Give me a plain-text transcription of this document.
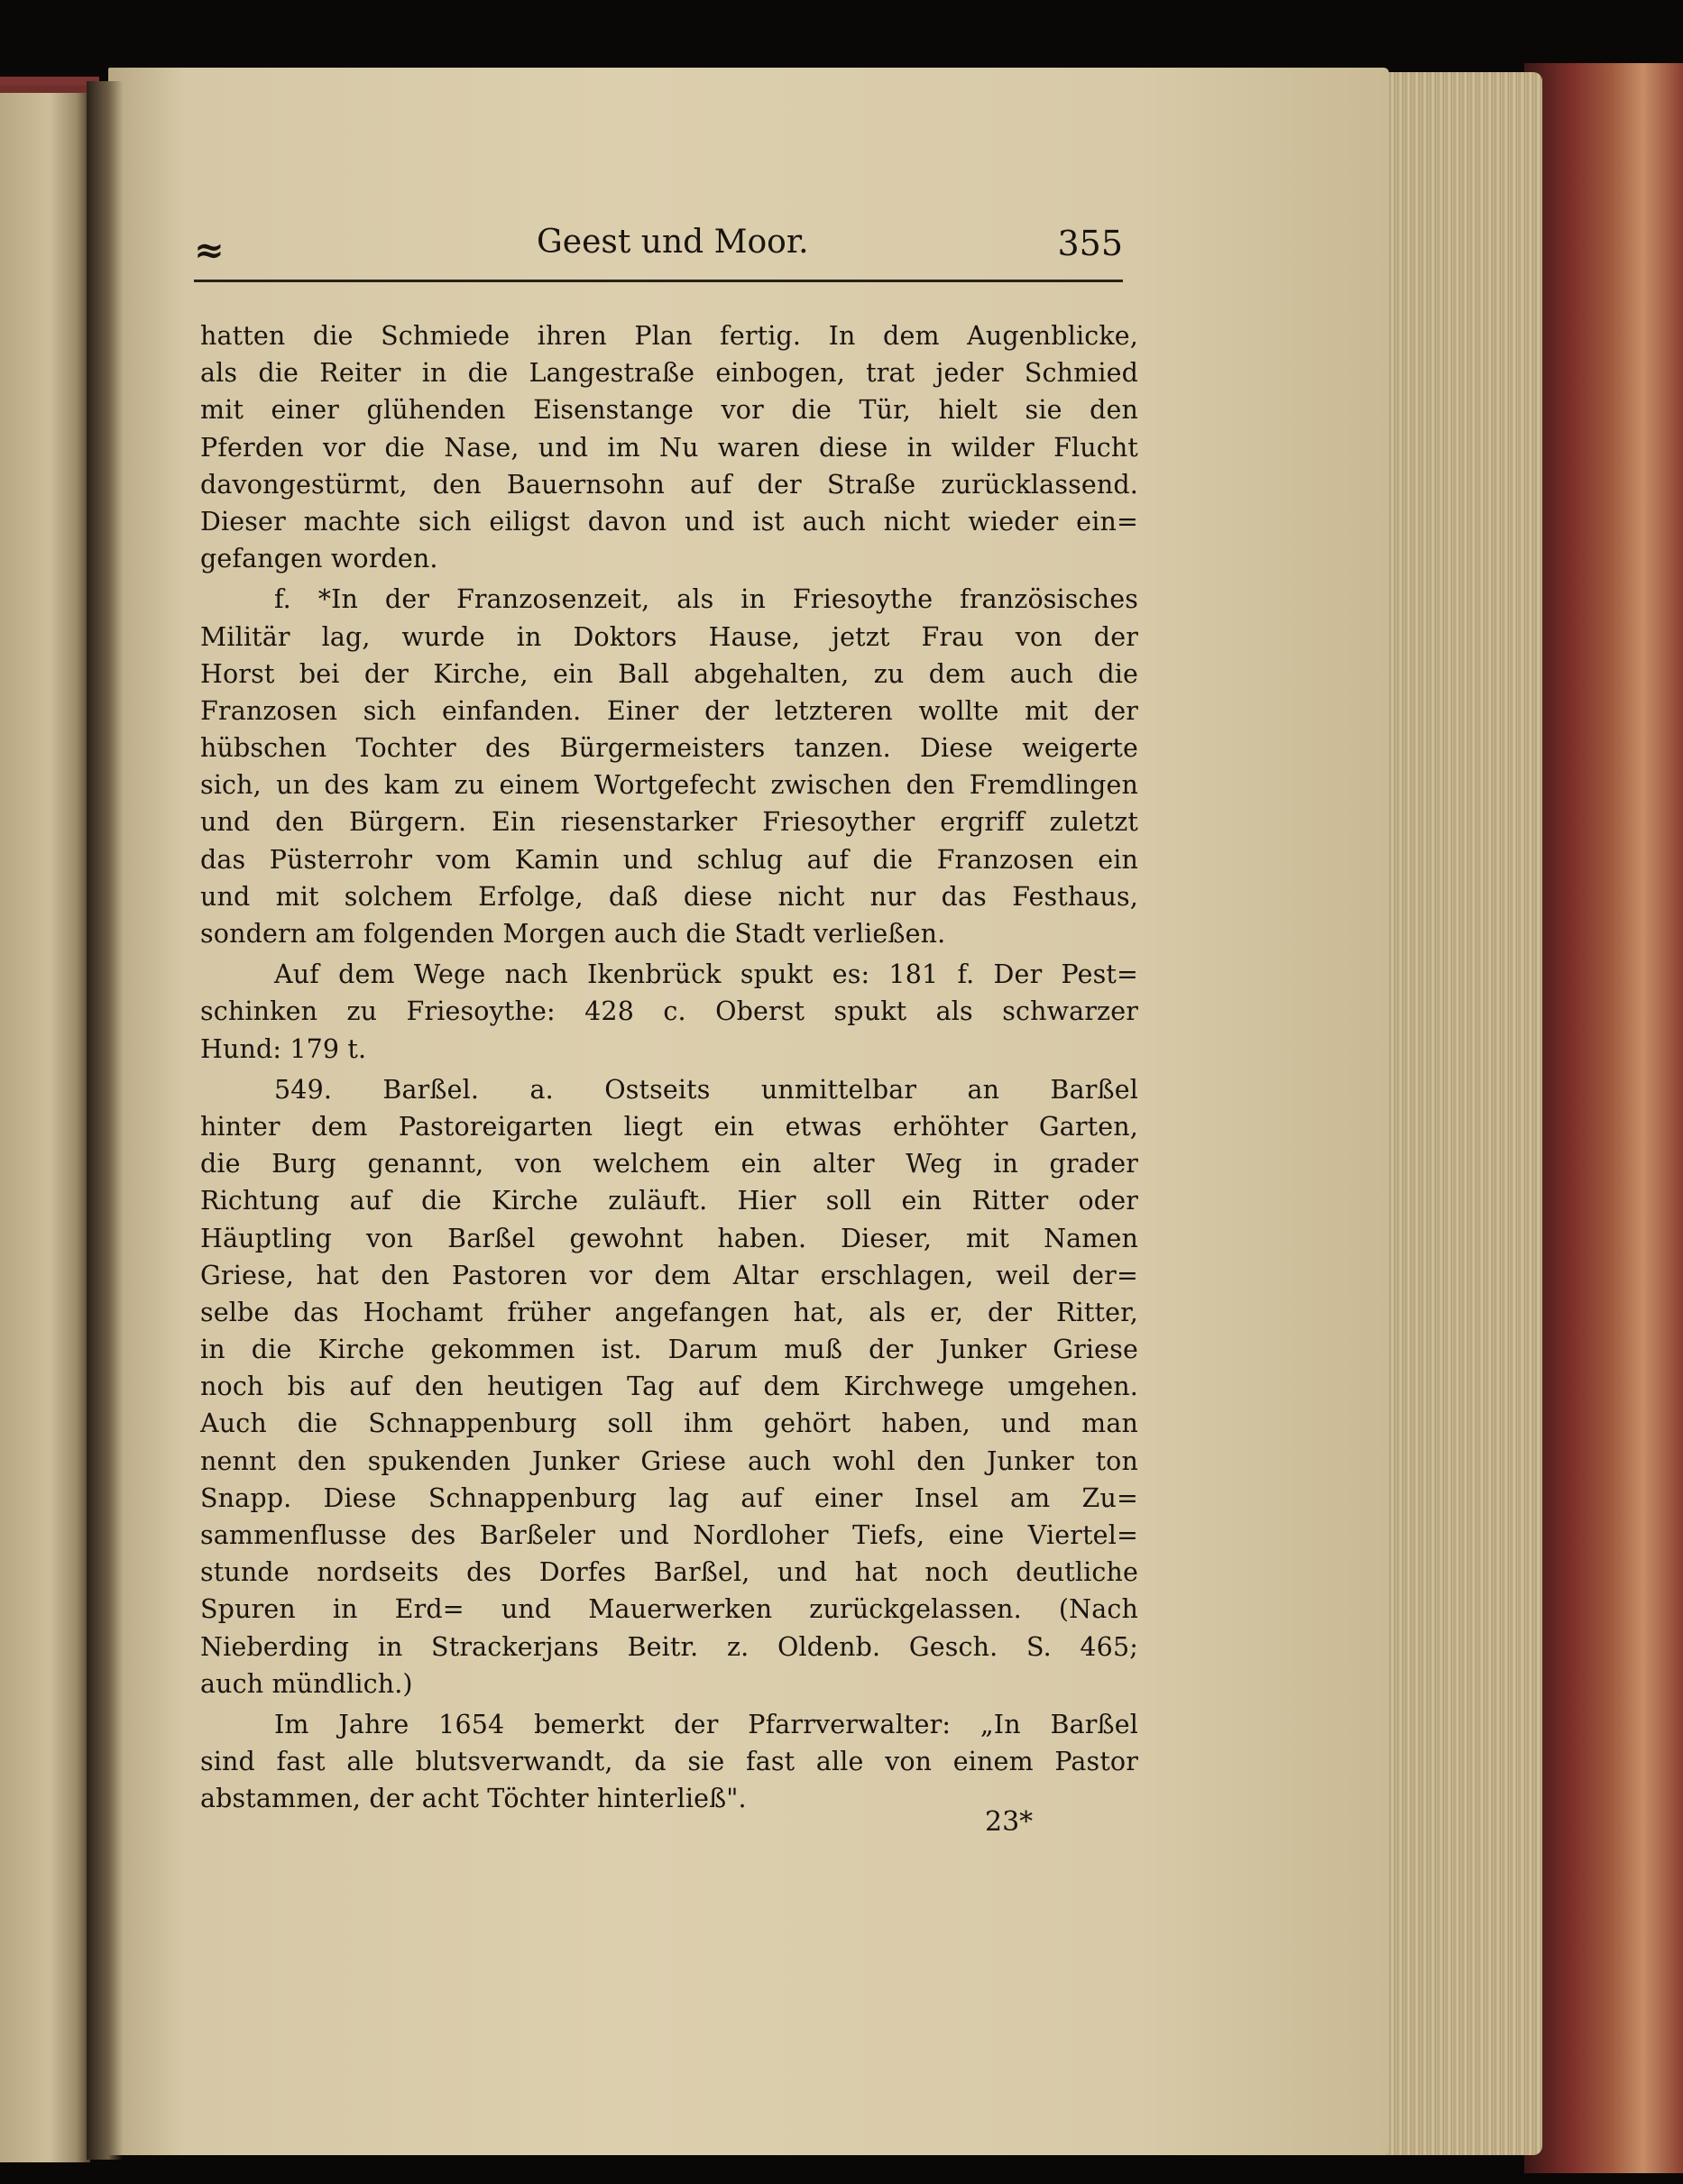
≈	Geest und Moor.	355
hatten die Schmiede ihren Plan fertig. In dem Augenblicke,
als die Reiter in die Langestraße einbogen, trat jeder Schmied
mit einer glühenden Eisenstange vor die Tür, hielt sie den
Pferden vor die Nase, und im Nu waren diese in wilder Flucht
davongestürmt, den Bauernsohn auf der Straße zurücklassend.
Dieser machte sich eiligst davon und ist auch nicht wieder ein=
gefangen worden.
f. *In der Franzosenzeit, als in Friesoythe französisches
Militär lag, wurde in Doktors Hause, jetzt Frau von der
Horst bei der Kirche, ein Ball abgehalten, zu dem auch die
Franzosen sich einfanden. Einer der letzteren wollte mit der
hübschen Tochter des Bürgermeisters tanzen. Diese weigerte
sich, un des kam zu einem Wortgefecht zwischen den Fremdlingen
und den Bürgern. Ein riesenstarker Friesoyther ergriff zuletzt
das Püsterrohr vom Kamin und schlug auf die Franzosen ein
und mit solchem Erfolge, daß diese nicht nur das Festhaus,
sondern am folgenden Morgen auch die Stadt verließen.
Auf dem Wege nach Ikenbrück spukt es: 181 f. Der Pest=
schinken zu Friesoythe: 428 c. Oberst spukt als schwarzer
Hund: 179 t.
549. Barßel. a. Ostseits unmittelbar an Barßel
hinter dem Pastoreigarten liegt ein etwas erhöhter Garten,
die Burg genannt, von welchem ein alter Weg in grader
Richtung auf die Kirche zuläuft. Hier soll ein Ritter oder
Häuptling von Barßel gewohnt haben. Dieser, mit Namen
Griese, hat den Pastoren vor dem Altar erschlagen, weil der=
selbe das Hochamt früher angefangen hat, als er, der Ritter,
in die Kirche gekommen ist. Darum muß der Junker Griese
noch bis auf den heutigen Tag auf dem Kirchwege umgehen.
Auch die Schnappenburg soll ihm gehört haben, und man
nennt den spukenden Junker Griese auch wohl den Junker ton
Snapp. Diese Schnappenburg lag auf einer Insel am Zu=
sammenflusse des Barßeler und Nordloher Tiefs, eine Viertel=
stunde nordseits des Dorfes Barßel, und hat noch deutliche
Spuren in Erd= und Mauerwerken zurückgelassen. (Nach
Nieberding in Strackerjans Beitr. z. Oldenb. Gesch. S. 465;
auch mündlich.)
Im Jahre 1654 bemerkt der Pfarrverwalter: „In Barßel
sind fast alle blutsverwandt, da sie fast alle von einem Pastor
abstammen, der acht Töchter hinterließ".
23*
